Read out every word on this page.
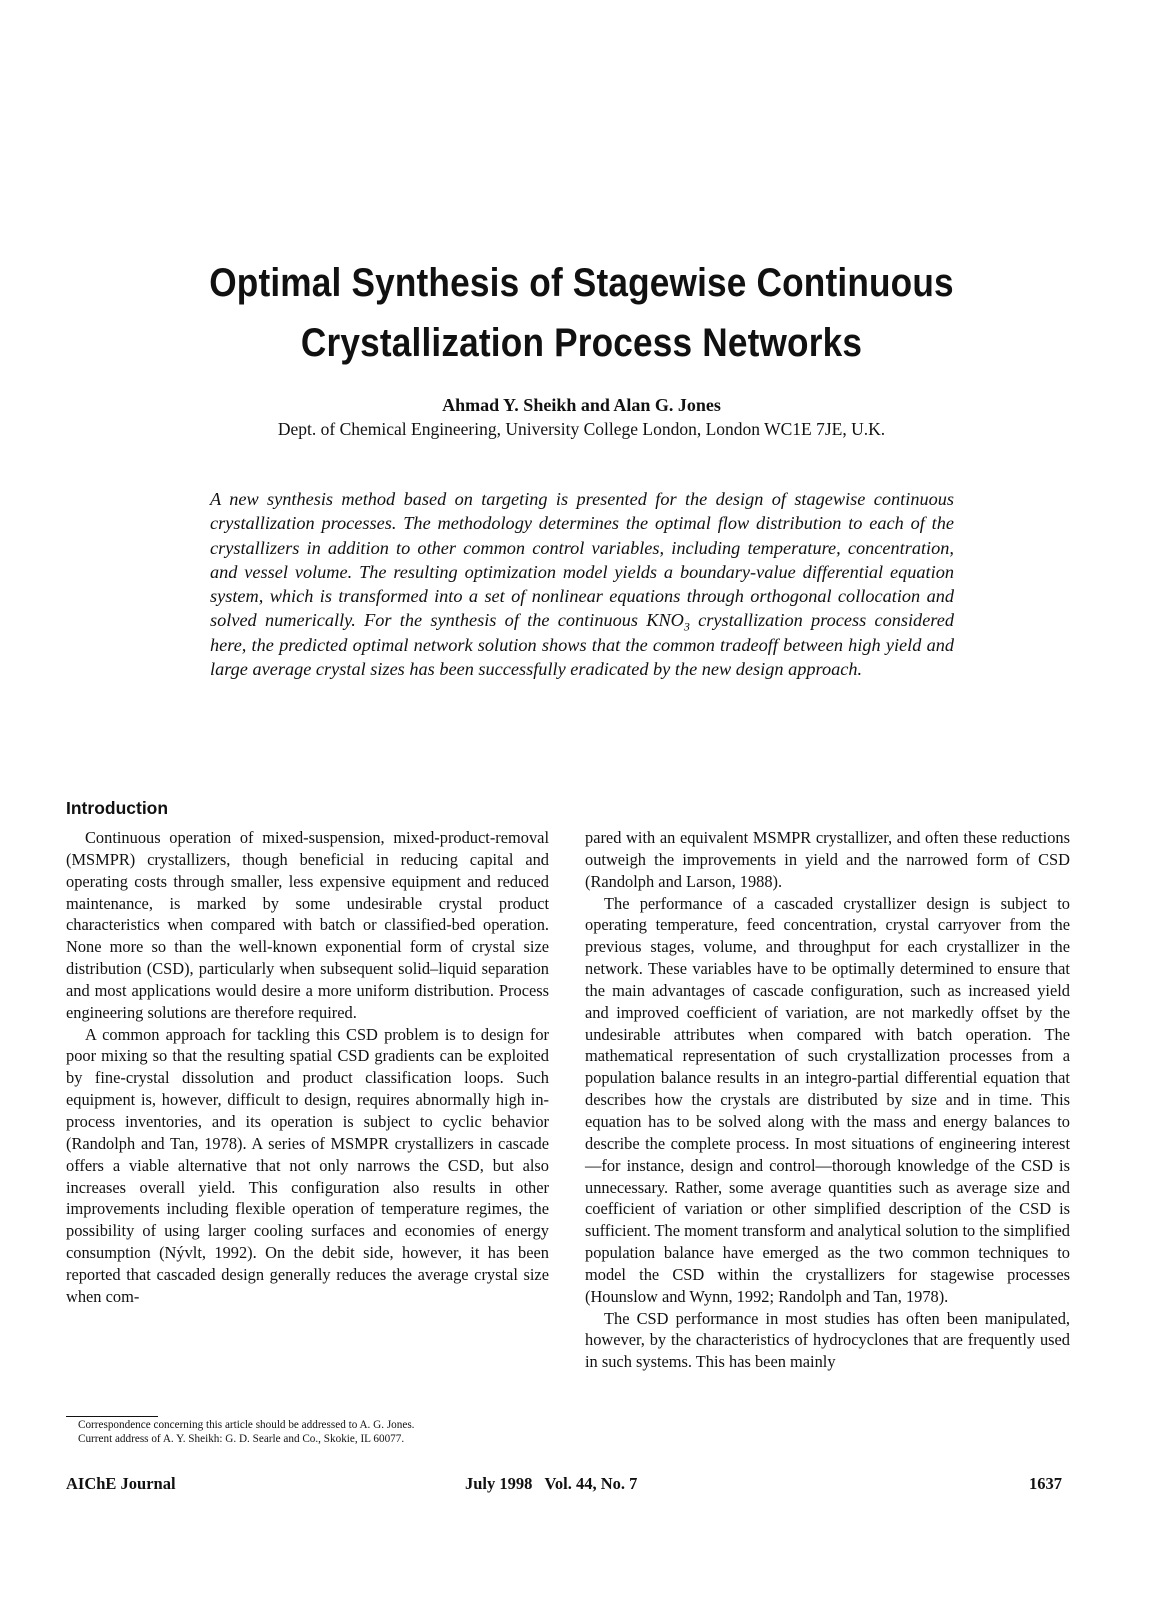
Optimal Synthesis of Stagewise Continuous
Crystallization Process Networks
Ahmad Y. Sheikh and Alan G. Jones
Dept. of Chemical Engineering, University College London, London WC1E 7JE, U.K.

A new synthesis method based on targeting is presented for the design of stagewise continuous crystallization processes. The methodology determines the optimal flow distribution to each of the crystallizers in addition to other common control variables, including temperature, concentration, and vessel volume. The resulting optimization model yields a boundary-value differential equation system, which is transformed into a set of nonlinear equations through orthogonal collocation and solved numerically. For the synthesis of the continuous $KNO_3$ crystallization process considered here, the predicted optimal network solution shows that the common tradeoff between high yield and large average crystal sizes has been successfully eradicated by the new design approach.

Introduction

Continuous operation of mixed-suspension, mixed-product-removal (MSMPR) crystallizers, though beneficial in reducing capital and operating costs through smaller, less expensive equipment and reduced maintenance, is marked by some undesirable crystal product characteristics when compared with batch or classified-bed operation. None more so than the well-known exponential form of crystal size distribution (CSD), particularly when subsequent solid–liquid separation and most applications would desire a more uniform distribution. Process engineering solutions are therefore required.

A common approach for tackling this CSD problem is to design for poor mixing so that the resulting spatial CSD gradients can be exploited by fine-crystal dissolution and product classification loops. Such equipment is, however, difficult to design, requires abnormally high in-process inventories, and its operation is subject to cyclic behavior (Randolph and Tan, 1978). A series of MSMPR crystallizers in cascade offers a viable alternative that not only narrows the CSD, but also increases overall yield. This configuration also results in other improvements including flexible operation of temperature regimes, the possibility of using larger cooling surfaces and economies of energy consumption (Nývlt, 1992). On the debit side, however, it has been reported that cascaded design generally reduces the average crystal size when com-

pared with an equivalent MSMPR crystallizer, and often these reductions outweigh the improvements in yield and the narrowed form of CSD (Randolph and Larson, 1988).

The performance of a cascaded crystallizer design is subject to operating temperature, feed concentration, crystal carryover from the previous stages, volume, and throughput for each crystallizer in the network. These variables have to be optimally determined to ensure that the main advantages of cascade configuration, such as increased yield and improved coefficient of variation, are not markedly offset by the undesirable attributes when compared with batch operation. The mathematical representation of such crystallization processes from a population balance results in an integro-partial differential equation that describes how the crystals are distributed by size and in time. This equation has to be solved along with the mass and energy balances to describe the complete process. In most situations of engineering interest—for instance, design and control—thorough knowledge of the CSD is unnecessary. Rather, some average quantities such as average size and coefficient of variation or other simplified description of the CSD is sufficient. The moment transform and analytical solution to the simplified population balance have emerged as the two common techniques to model the CSD within the crystallizers for stagewise processes (Hounslow and Wynn, 1992; Randolph and Tan, 1978).

The CSD performance in most studies has often been manipulated, however, by the characteristics of hydrocyclones that are frequently used in such systems. This has been mainly

Correspondence concerning this article should be addressed to A. G. Jones.
Current address of A. Y. Sheikh: G. D. Searle and Co., Skokie, IL 60077.
AIChE Journal	July 1998   Vol. 44, No. 7	1637
